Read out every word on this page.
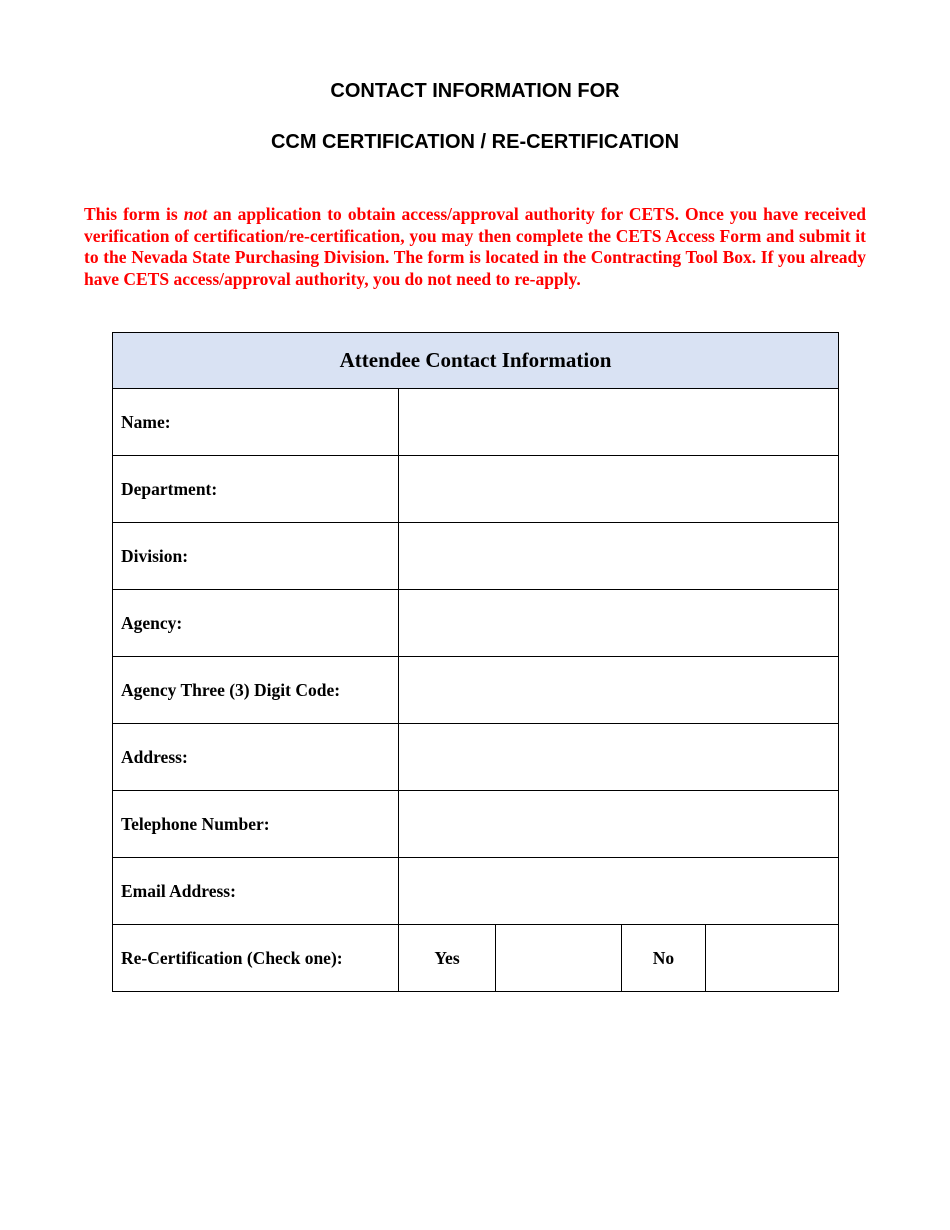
CONTACT INFORMATION FOR
CCM CERTIFICATION / RE-CERTIFICATION
This form is not an application to obtain access/approval authority for CETS. Once you have received verification of certification/re-certification, you may then complete the CETS Access Form and submit it to the Nevada State Purchasing Division. The form is located in the Contracting Tool Box. If you already have CETS access/approval authority, you do not need to re-apply.
Attendee Contact Information				
Name:				
Department:				
Division:				
Agency:				
Agency Three (3) Digit Code:				
Address:				
Telephone Number:				
Email Address:				
Re-Certification (Check one):	Yes		No	
